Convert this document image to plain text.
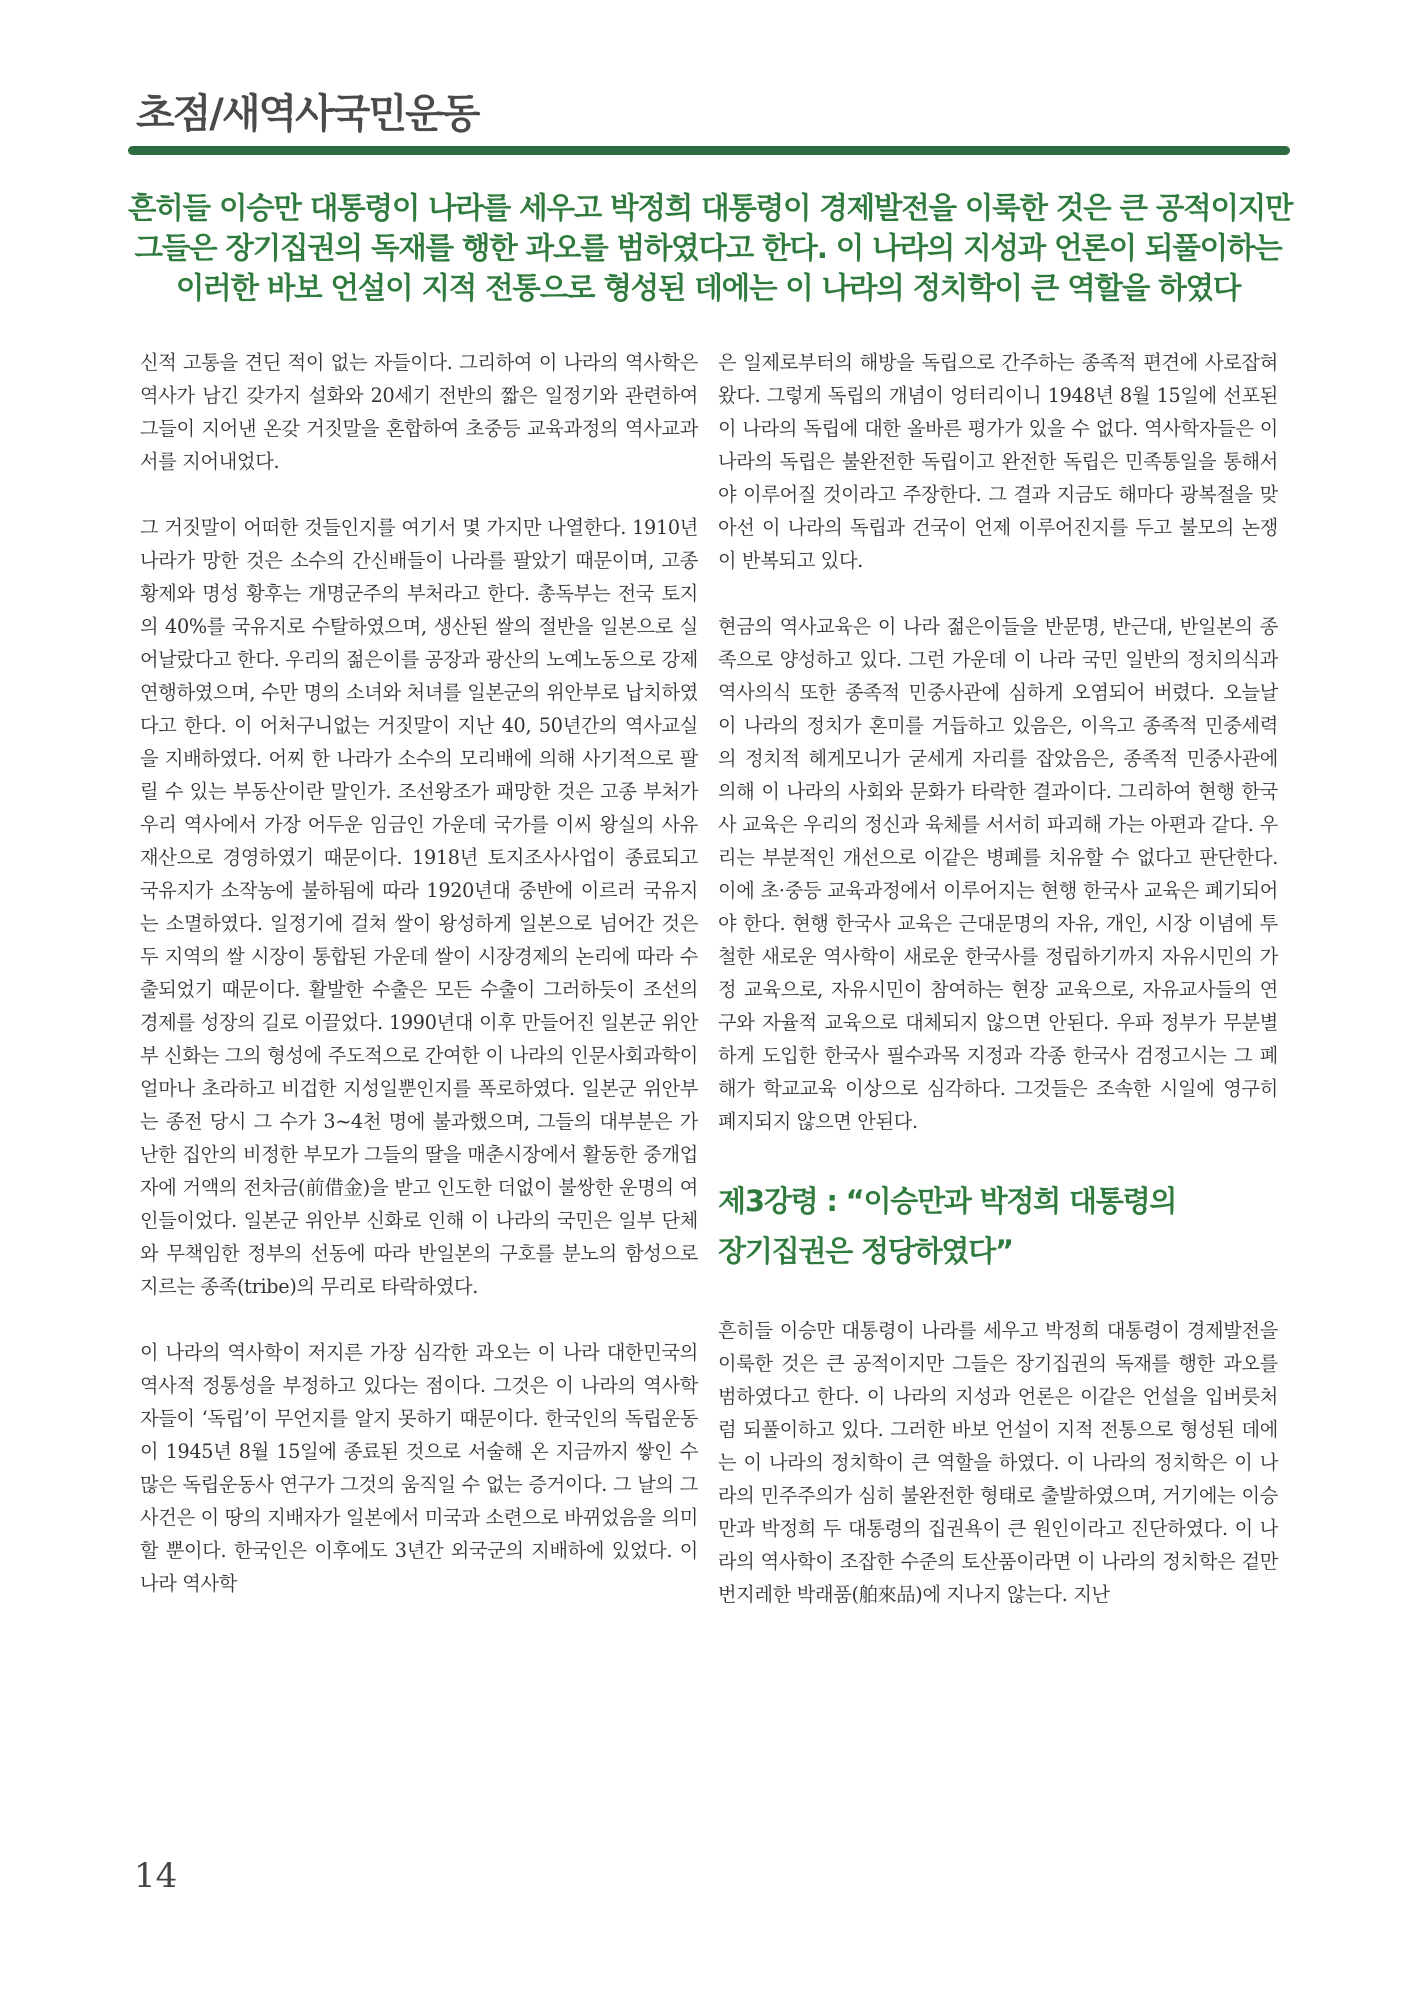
초점/새역사국민운동
흔히들 이승만 대통령이 나라를 세우고 박정희 대통령이 경제발전을 이룩한 것은 큰 공적이지만
그들은 장기집권의 독재를 행한 과오를 범하였다고 한다. 이 나라의 지성과 언론이 되풀이하는
이러한 바보 언설이 지적 전통으로 형성된 데에는 이 나라의 정치학이 큰 역할을 하였다

신적 고통을 견딘 적이 없는 자들이다. 그리하여 이 나라의 역사학은 역사가 남긴 갖가지 설화와 20세기 전반의 짧은 일정기와 관련하여 그들이 지어낸 온갖 거짓말을 혼합하여 초중등 교육과정의 역사교과서를 지어내었다.

그 거짓말이 어떠한 것들인지를 여기서 몇 가지만 나열한다. 1910년 나라가 망한 것은 소수의 간신배들이 나라를 팔았기 때문이며, 고종 황제와 명성 황후는 개명군주의 부처라고 한다. 총독부는 전국 토지의 40%를 국유지로 수탈하였으며, 생산된 쌀의 절반을 일본으로 실어날랐다고 한다. 우리의 젊은이를 공장과 광산의 노예노동으로 강제연행하였으며, 수만 명의 소녀와 처녀를 일본군의 위안부로 납치하였다고 한다. 이 어처구니없는 거짓말이 지난 40, 50년간의 역사교실을 지배하였다. 어찌 한 나라가 소수의 모리배에 의해 사기적으로 팔릴 수 있는 부동산이란 말인가. 조선왕조가 패망한 것은 고종 부처가 우리 역사에서 가장 어두운 임금인 가운데 국가를 이씨 왕실의 사유재산으로 경영하였기 때문이다. 1918년 토지조사사업이 종료되고 국유지가 소작농에 불하됨에 따라 1920년대 중반에 이르러 국유지는 소멸하였다. 일정기에 걸쳐 쌀이 왕성하게 일본으로 넘어간 것은 두 지역의 쌀 시장이 통합된 가운데 쌀이 시장경제의 논리에 따라 수출되었기 때문이다. 활발한 수출은 모든 수출이 그러하듯이 조선의 경제를 성장의 길로 이끌었다. 1990년대 이후 만들어진 일본군 위안부 신화는 그의 형성에 주도적으로 간여한 이 나라의 인문사회과학이 얼마나 초라하고 비겁한 지성일뿐인지를 폭로하였다. 일본군 위안부는 종전 당시 그 수가 3~4천 명에 불과했으며, 그들의 대부분은 가난한 집안의 비정한 부모가 그들의 딸을 매춘시장에서 활동한 중개업자에 거액의 전차금(前借金)을 받고 인도한 더없이 불쌍한 운명의 여인들이었다. 일본군 위안부 신화로 인해 이 나라의 국민은 일부 단체와 무책임한 정부의 선동에 따라 반일본의 구호를 분노의 함성으로 지르는 종족(tribe)의 무리로 타락하였다.

이 나라의 역사학이 저지른 가장 심각한 과오는 이 나라 대한민국의 역사적 정통성을 부정하고 있다는 점이다. 그것은 이 나라의 역사학자들이 ‘독립’이 무언지를 알지 못하기 때문이다. 한국인의 독립운동이 1945년 8월 15일에 종료된 것으로 서술해 온 지금까지 쌓인 수많은 독립운동사 연구가 그것의 움직일 수 없는 증거이다. 그 날의 그 사건은 이 땅의 지배자가 일본에서 미국과 소련으로 바뀌었음을 의미할 뿐이다. 한국인은 이후에도 3년간 외국군의 지배하에 있었다. 이 나라 역사학

은 일제로부터의 해방을 독립으로 간주하는 종족적 편견에 사로잡혀 왔다. 그렇게 독립의 개념이 엉터리이니 1948년 8월 15일에 선포된 이 나라의 독립에 대한 올바른 평가가 있을 수 없다. 역사학자들은 이 나라의 독립은 불완전한 독립이고 완전한 독립은 민족통일을 통해서야 이루어질 것이라고 주장한다. 그 결과 지금도 해마다 광복절을 맞아선 이 나라의 독립과 건국이 언제 이루어진지를 두고 불모의 논쟁이 반복되고 있다.

현금의 역사교육은 이 나라 젊은이들을 반문명, 반근대, 반일본의 종족으로 양성하고 있다. 그런 가운데 이 나라 국민 일반의 정치의식과 역사의식 또한 종족적 민중사관에 심하게 오염되어 버렸다. 오늘날 이 나라의 정치가 혼미를 거듭하고 있음은, 이윽고 종족적 민중세력의 정치적 헤게모니가 굳세게 자리를 잡았음은, 종족적 민중사관에 의해 이 나라의 사회와 문화가 타락한 결과이다. 그리하여 현행 한국사 교육은 우리의 정신과 육체를 서서히 파괴해 가는 아편과 같다. 우리는 부분적인 개선으로 이같은 병폐를 치유할 수 없다고 판단한다. 이에 초·중등 교육과정에서 이루어지는 현행 한국사 교육은 폐기되어야 한다. 현행 한국사 교육은 근대문명의 자유, 개인, 시장 이념에 투철한 새로운 역사학이 새로운 한국사를 정립하기까지 자유시민의 가정 교육으로, 자유시민이 참여하는 현장 교육으로, 자유교사들의 연구와 자율적 교육으로 대체되지 않으면 안된다. 우파 정부가 무분별하게 도입한 한국사 필수과목 지정과 각종 한국사 검정고시는 그 폐해가 학교교육 이상으로 심각하다. 그것들은 조속한 시일에 영구히 폐지되지 않으면 안된다.

제3강령 : “이승만과 박정희 대통령의
장기집권은 정당하였다”

흔히들 이승만 대통령이 나라를 세우고 박정희 대통령이 경제발전을 이룩한 것은 큰 공적이지만 그들은 장기집권의 독재를 행한 과오를 범하였다고 한다. 이 나라의 지성과 언론은 이같은 언설을 입버릇처럼 되풀이하고 있다. 그러한 바보 언설이 지적 전통으로 형성된 데에는 이 나라의 정치학이 큰 역할을 하였다. 이 나라의 정치학은 이 나라의 민주주의가 심히 불완전한 형태로 출발하였으며, 거기에는 이승만과 박정희 두 대통령의 집권욕이 큰 원인이라고 진단하였다. 이 나라의 역사학이 조잡한 수준의 토산품이라면 이 나라의 정치학은 겉만 번지레한 박래품(舶來品)에 지나지 않는다. 지난

14
